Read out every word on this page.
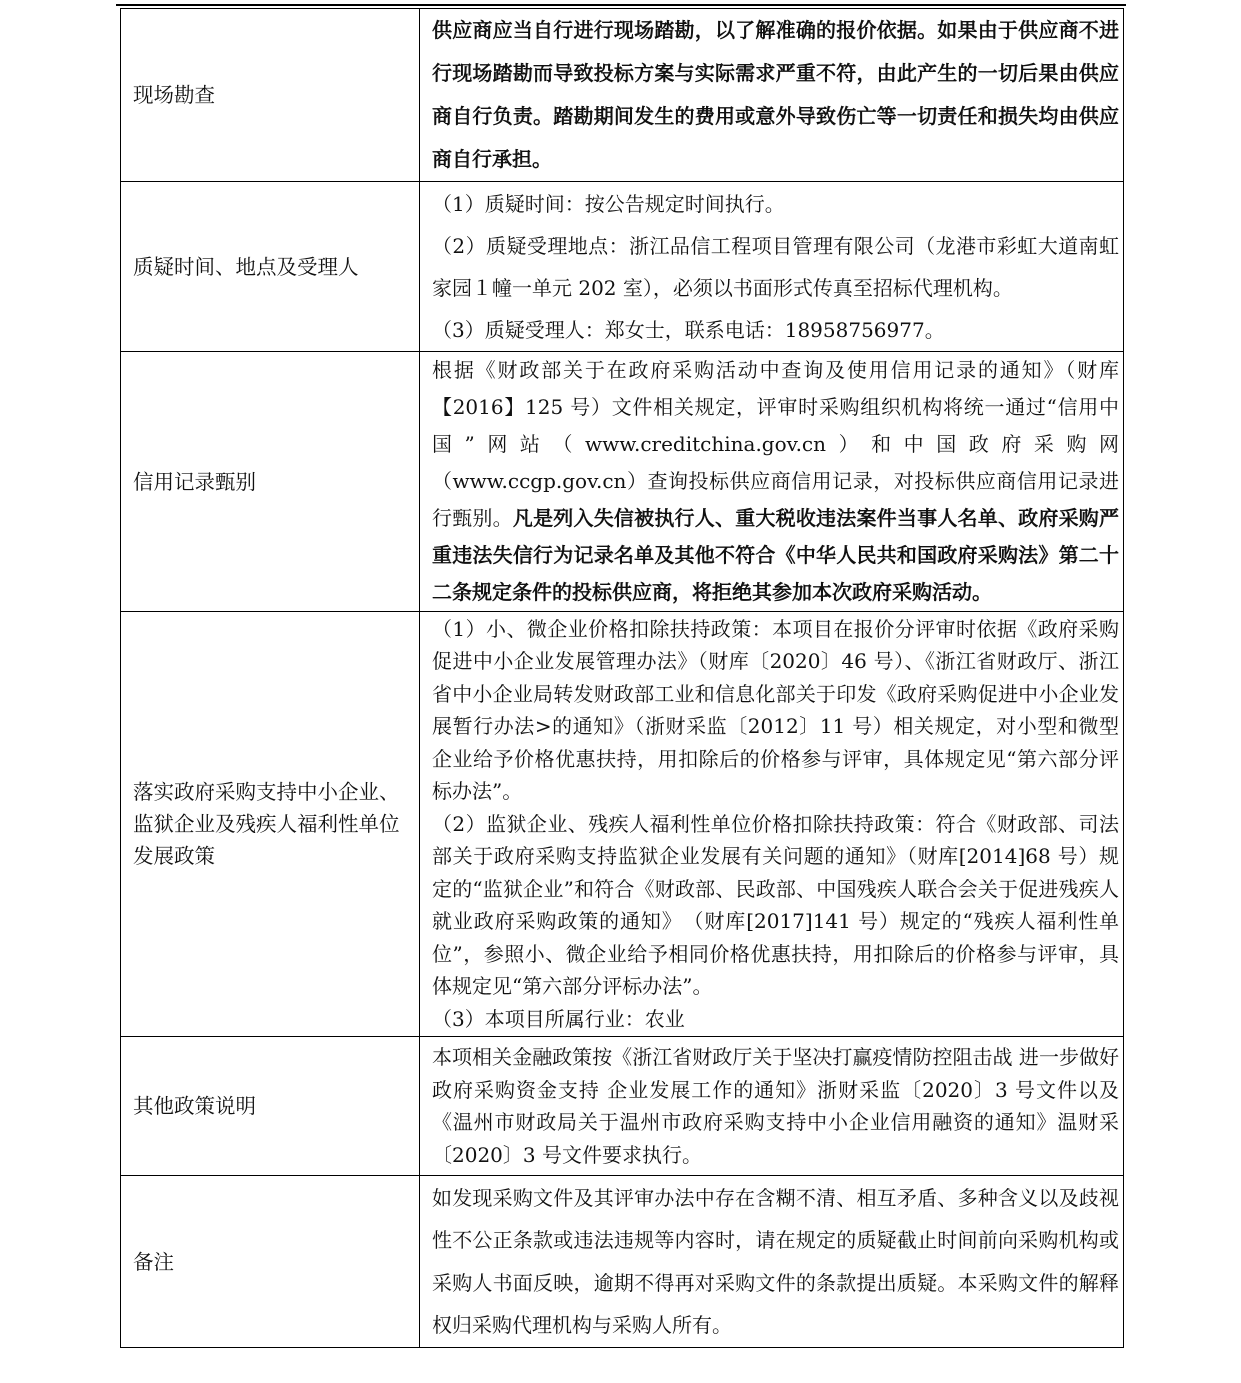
现场勘查	供应商应当自行进行现场踏勘，以了解准确的报价依据。如果由于供应商不进行现场踏勘而导致投标方案与实际需求严重不符，由此产生的一切后果由供应商自行负责。踏勘期间发生的费用或意外导致伤亡等一切责任和损失均由供应商自行承担。
质疑时间、地点及受理人	（1）质疑时间：按公告规定时间执行。

（2）质疑受理地点：浙江品信工程项目管理有限公司（龙港市彩虹大道南虹家园１幢一单元 202 室），必须以书面形式传真至招标代理机构。

（3）质疑受理人：郑女士，联系电话：18958756977。

信用记录甄别	根据《财政部关于在政府采购活动中查询及使用信用记录的通知》（财库【2016】125 号）文件相关规定，评审时采购组织机构将统一通过“信用中国”网站（www.creditchina.gov.cn）和中国政府采购网（www.ccgp.gov.cn）查询投标供应商信用记录，对投标供应商信用记录进行甄别。凡是列入失信被执行人、重大税收违法案件当事人名单、政府采购严重违法失信行为记录名单及其他不符合《中华人民共和国政府采购法》第二十二条规定条件的投标供应商，将拒绝其参加本次政府采购活动。
落实政府采购支持中小企业、监狱企业及残疾人福利性单位发展政策	（1）小、微企业价格扣除扶持政策：本项目在报价分评审时依据《政府采购促进中小企业发展管理办法》（财库〔2020〕46 号）、《浙江省财政厅、浙江省中小企业局转发财政部工业和信息化部关于印发《政府采购促进中小企业发展暂行办法>的通知》（浙财采监〔2012〕11 号）相关规定，对小型和微型企业给予价格优惠扶持，用扣除后的价格参与评审，具体规定见“第六部分评标办法”。

（2）监狱企业、残疾人福利性单位价格扣除扶持政策：符合《财政部、司法部关于政府采购支持监狱企业发展有关问题的通知》（财库[2014]68 号）规定的“监狱企业”和符合《财政部、民政部、中国残疾人联合会关于促进残疾人就业政府采购政策的通知》　（财库[2017]141 号）规定的“残疾人福利性单位”，参照小、微企业给予相同价格优惠扶持，用扣除后的价格参与评审，具体规定见“第六部分评标办法”。

（3）本项目所属行业：农业

其他政策说明	本项相关金融政策按《浙江省财政厅关于坚决打赢疫情防控阻击战 进一步做好政府采购资金支持 企业发展工作的通知》浙财采监〔2020〕3 号文件以及《温州市财政局关于温州市政府采购支持中小企业信用融资的通知》温财采〔2020〕3 号文件要求执行。
备注	如发现采购文件及其评审办法中存在含糊不清、相互矛盾、多种含义以及歧视性不公正条款或违法违规等内容时，请在规定的质疑截止时间前向采购机构或采购人书面反映，逾期不得再对采购文件的条款提出质疑。本采购文件的解释权归采购代理机构与采购人所有。
